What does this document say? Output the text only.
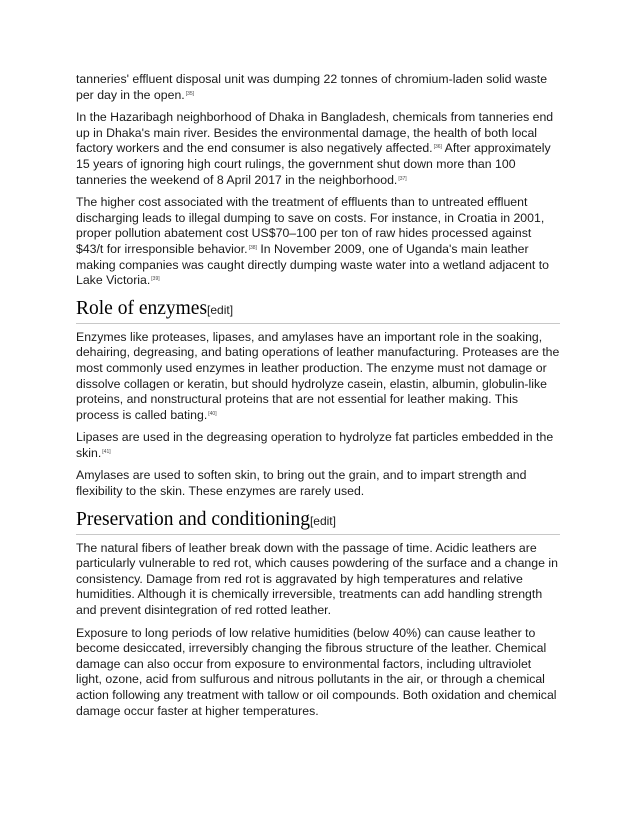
tanneries' effluent disposal unit was dumping 22 tonnes of chromium-laden solid waste per day in the open.[35]

In the Hazaribagh neighborhood of Dhaka in Bangladesh, chemicals from tanneries end up in Dhaka's main river. Besides the environmental damage, the health of both local factory workers and the end consumer is also negatively affected.[36] After approximately 15 years of ignoring high court rulings, the government shut down more than 100 tanneries the weekend of 8 April 2017 in the neighborhood.[37]

The higher cost associated with the treatment of effluents than to untreated effluent discharging leads to illegal dumping to save on costs. For instance, in Croatia in 2001, proper pollution abatement cost US$70–100 per ton of raw hides processed against $43/t for irresponsible behavior.[38] In November 2009, one of Uganda's main leather making companies was caught directly dumping waste water into a wetland adjacent to Lake Victoria.[39]

Role of enzymes[edit]

Enzymes like proteases, lipases, and amylases have an important role in the soaking, dehairing, degreasing, and bating operations of leather manufacturing. Proteases are the most commonly used enzymes in leather production. The enzyme must not damage or dissolve collagen or keratin, but should hydrolyze casein, elastin, albumin, globulin-like proteins, and nonstructural proteins that are not essential for leather making. This process is called bating.[40]

Lipases are used in the degreasing operation to hydrolyze fat particles embedded in the skin.[41]

Amylases are used to soften skin, to bring out the grain, and to impart strength and flexibility to the skin. These enzymes are rarely used.

Preservation and conditioning[edit]

The natural fibers of leather break down with the passage of time. Acidic leathers are particularly vulnerable to red rot, which causes powdering of the surface and a change in consistency. Damage from red rot is aggravated by high temperatures and relative humidities. Although it is chemically irreversible, treatments can add handling strength and prevent disintegration of red rotted leather.

Exposure to long periods of low relative humidities (below 40%) can cause leather to become desiccated, irreversibly changing the fibrous structure of the leather. Chemical damage can also occur from exposure to environmental factors, including ultraviolet light, ozone, acid from sulfurous and nitrous pollutants in the air, or through a chemical action following any treatment with tallow or oil compounds. Both oxidation and chemical damage occur faster at higher temperatures.
